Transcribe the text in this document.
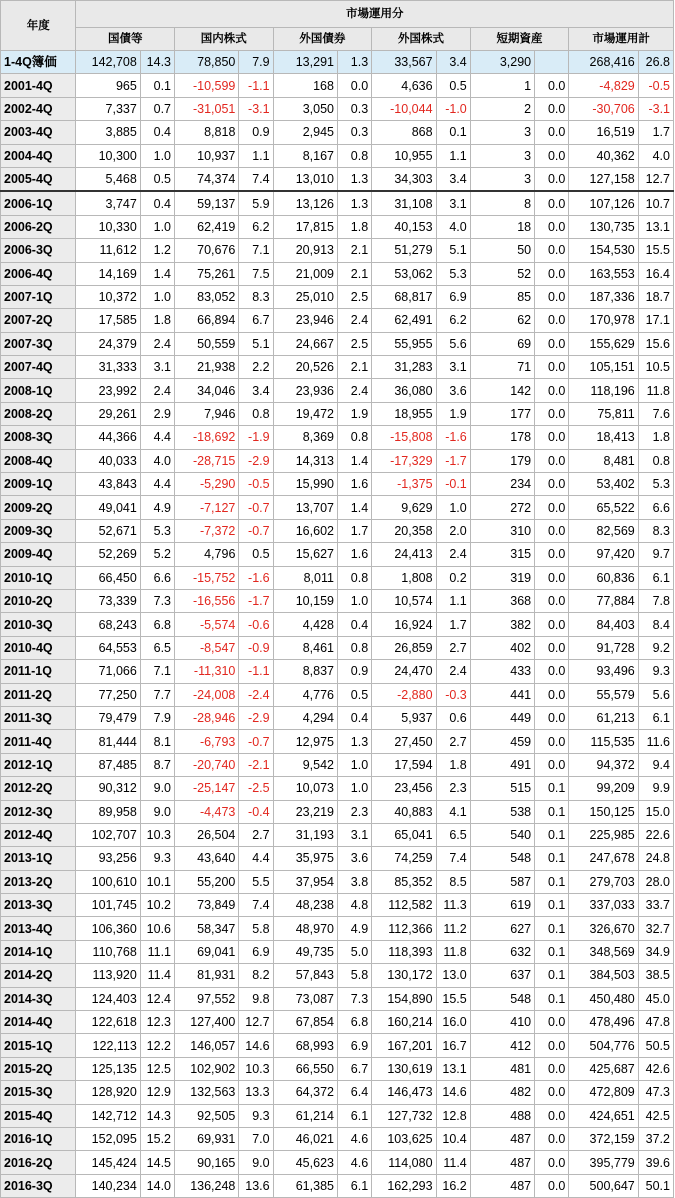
年度	市場運用分											
	国債等		国内株式		外国債券		外国株式		短期資産		市場運用計	
1-4Q簿価	142,708	14.3	78,850	7.9	13,291	1.3	33,567	3.4	3,290		268,416	26.8
2001-4Q	965	0.1	-10,599	-1.1	168	0.0	4,636	0.5	1	0.0	-4,829	-0.5
2002-4Q	7,337	0.7	-31,051	-3.1	3,050	0.3	-10,044	-1.0	2	0.0	-30,706	-3.1
2003-4Q	3,885	0.4	8,818	0.9	2,945	0.3	868	0.1	3	0.0	16,519	1.7
2004-4Q	10,300	1.0	10,937	1.1	8,167	0.8	10,955	1.1	3	0.0	40,362	4.0
2005-4Q	5,468	0.5	74,374	7.4	13,010	1.3	34,303	3.4	3	0.0	127,158	12.7
2006-1Q	3,747	0.4	59,137	5.9	13,126	1.3	31,108	3.1	8	0.0	107,126	10.7
2006-2Q	10,330	1.0	62,419	6.2	17,815	1.8	40,153	4.0	18	0.0	130,735	13.1
2006-3Q	11,612	1.2	70,676	7.1	20,913	2.1	51,279	5.1	50	0.0	154,530	15.5
2006-4Q	14,169	1.4	75,261	7.5	21,009	2.1	53,062	5.3	52	0.0	163,553	16.4
2007-1Q	10,372	1.0	83,052	8.3	25,010	2.5	68,817	6.9	85	0.0	187,336	18.7
2007-2Q	17,585	1.8	66,894	6.7	23,946	2.4	62,491	6.2	62	0.0	170,978	17.1
2007-3Q	24,379	2.4	50,559	5.1	24,667	2.5	55,955	5.6	69	0.0	155,629	15.6
2007-4Q	31,333	3.1	21,938	2.2	20,526	2.1	31,283	3.1	71	0.0	105,151	10.5
2008-1Q	23,992	2.4	34,046	3.4	23,936	2.4	36,080	3.6	142	0.0	118,196	11.8
2008-2Q	29,261	2.9	7,946	0.8	19,472	1.9	18,955	1.9	177	0.0	75,811	7.6
2008-3Q	44,366	4.4	-18,692	-1.9	8,369	0.8	-15,808	-1.6	178	0.0	18,413	1.8
2008-4Q	40,033	4.0	-28,715	-2.9	14,313	1.4	-17,329	-1.7	179	0.0	8,481	0.8
2009-1Q	43,843	4.4	-5,290	-0.5	15,990	1.6	-1,375	-0.1	234	0.0	53,402	5.3
2009-2Q	49,041	4.9	-7,127	-0.7	13,707	1.4	9,629	1.0	272	0.0	65,522	6.6
2009-3Q	52,671	5.3	-7,372	-0.7	16,602	1.7	20,358	2.0	310	0.0	82,569	8.3
2009-4Q	52,269	5.2	4,796	0.5	15,627	1.6	24,413	2.4	315	0.0	97,420	9.7
2010-1Q	66,450	6.6	-15,752	-1.6	8,011	0.8	1,808	0.2	319	0.0	60,836	6.1
2010-2Q	73,339	7.3	-16,556	-1.7	10,159	1.0	10,574	1.1	368	0.0	77,884	7.8
2010-3Q	68,243	6.8	-5,574	-0.6	4,428	0.4	16,924	1.7	382	0.0	84,403	8.4
2010-4Q	64,553	6.5	-8,547	-0.9	8,461	0.8	26,859	2.7	402	0.0	91,728	9.2
2011-1Q	71,066	7.1	-11,310	-1.1	8,837	0.9	24,470	2.4	433	0.0	93,496	9.3
2011-2Q	77,250	7.7	-24,008	-2.4	4,776	0.5	-2,880	-0.3	441	0.0	55,579	5.6
2011-3Q	79,479	7.9	-28,946	-2.9	4,294	0.4	5,937	0.6	449	0.0	61,213	6.1
2011-4Q	81,444	8.1	-6,793	-0.7	12,975	1.3	27,450	2.7	459	0.0	115,535	11.6
2012-1Q	87,485	8.7	-20,740	-2.1	9,542	1.0	17,594	1.8	491	0.0	94,372	9.4
2012-2Q	90,312	9.0	-25,147	-2.5	10,073	1.0	23,456	2.3	515	0.1	99,209	9.9
2012-3Q	89,958	9.0	-4,473	-0.4	23,219	2.3	40,883	4.1	538	0.1	150,125	15.0
2012-4Q	102,707	10.3	26,504	2.7	31,193	3.1	65,041	6.5	540	0.1	225,985	22.6
2013-1Q	93,256	9.3	43,640	4.4	35,975	3.6	74,259	7.4	548	0.1	247,678	24.8
2013-2Q	100,610	10.1	55,200	5.5	37,954	3.8	85,352	8.5	587	0.1	279,703	28.0
2013-3Q	101,745	10.2	73,849	7.4	48,238	4.8	112,582	11.3	619	0.1	337,033	33.7
2013-4Q	106,360	10.6	58,347	5.8	48,970	4.9	112,366	11.2	627	0.1	326,670	32.7
2014-1Q	110,768	11.1	69,041	6.9	49,735	5.0	118,393	11.8	632	0.1	348,569	34.9
2014-2Q	113,920	11.4	81,931	8.2	57,843	5.8	130,172	13.0	637	0.1	384,503	38.5
2014-3Q	124,403	12.4	97,552	9.8	73,087	7.3	154,890	15.5	548	0.1	450,480	45.0
2014-4Q	122,618	12.3	127,400	12.7	67,854	6.8	160,214	16.0	410	0.0	478,496	47.8
2015-1Q	122,113	12.2	146,057	14.6	68,993	6.9	167,201	16.7	412	0.0	504,776	50.5
2015-2Q	125,135	12.5	102,902	10.3	66,550	6.7	130,619	13.1	481	0.0	425,687	42.6
2015-3Q	128,920	12.9	132,563	13.3	64,372	6.4	146,473	14.6	482	0.0	472,809	47.3
2015-4Q	142,712	14.3	92,505	9.3	61,214	6.1	127,732	12.8	488	0.0	424,651	42.5
2016-1Q	152,095	15.2	69,931	7.0	46,021	4.6	103,625	10.4	487	0.0	372,159	37.2
2016-2Q	145,424	14.5	90,165	9.0	45,623	4.6	114,080	11.4	487	0.0	395,779	39.6
2016-3Q	140,234	14.0	136,248	13.6	61,385	6.1	162,293	16.2	487	0.0	500,647	50.1
